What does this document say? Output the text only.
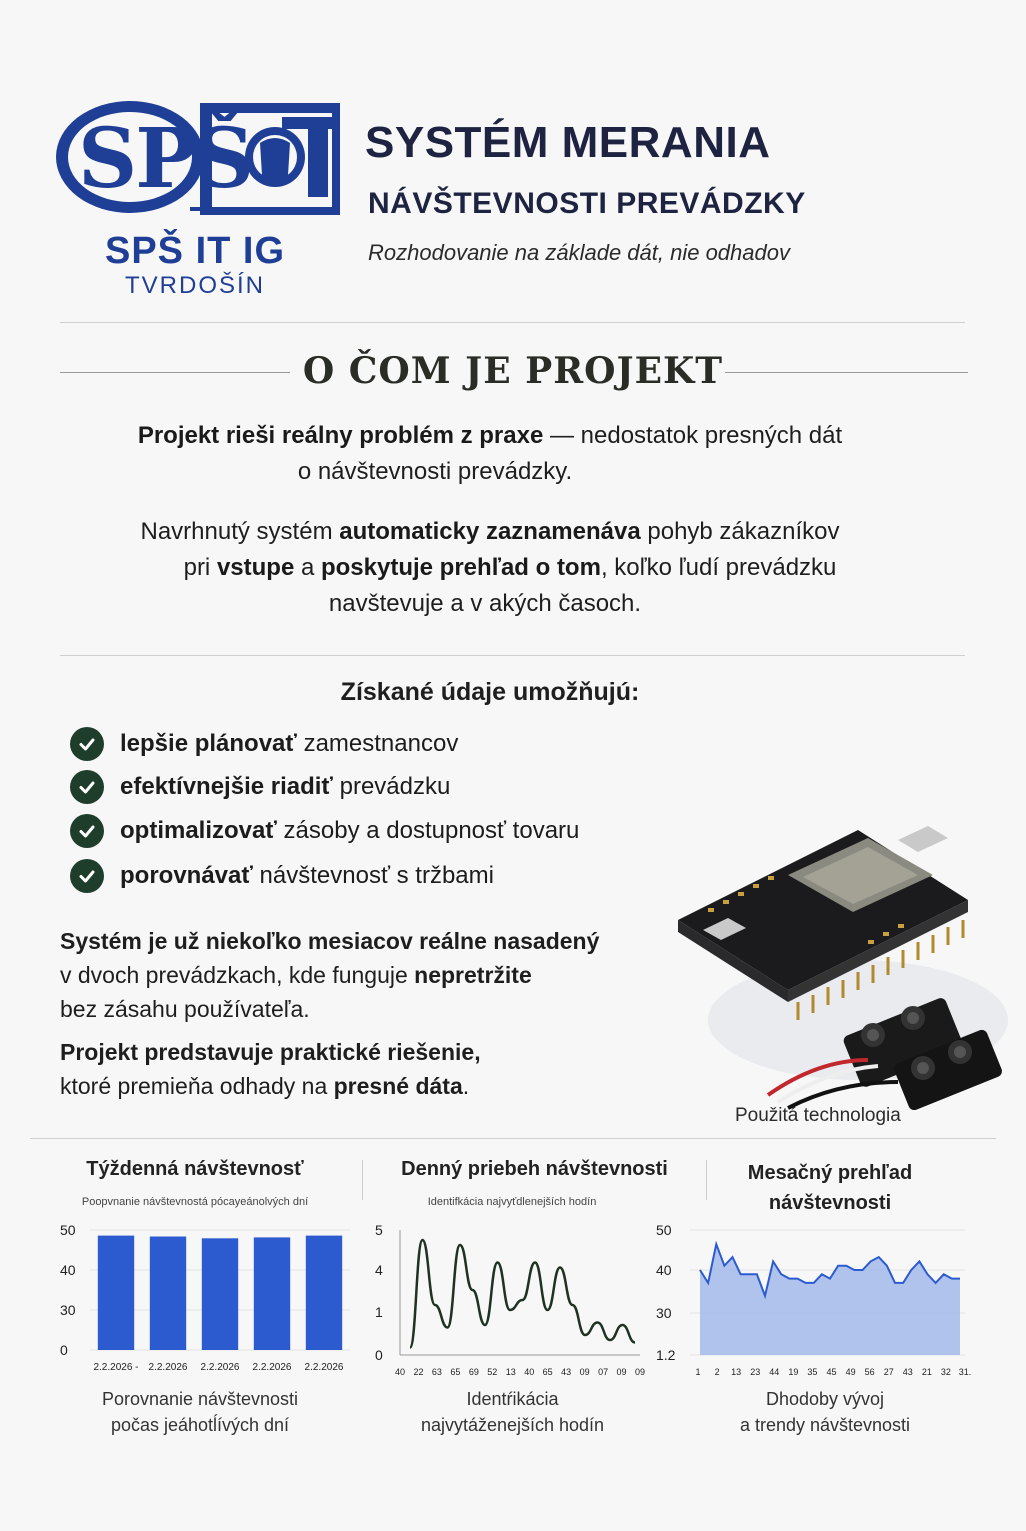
SPŠ
SPŠ IT IG
TVRDOŠÍN
SYSTÉM MERANIA
NÁVŠTEVNOSTI PREVÁDZKY
Rozhodovanie na základe dát, nie odhadov
O ČOM JE PROJEKT
Projekt rieši reálny problém z praxe — nedostatok presných dát
o návštevnosti prevádzky.
Navrhnutý systém automaticky zaznamenáva pohyb zákazníkov
pri vstupe a poskytuje prehľad o tom, koľko ľudí prevádzku
navštevuje a v akých časoch.
Získané údaje umožňujú:
lepšie plánovať zamestnancov
efektívnejšie riadiť prevádzku
optimalizovať zásoby a dostupnosť tovaru
porovnávať návštevnosť s tržbami
Systém je už niekoľko mesiacov reálne nasadený
v dvoch prevádzkach, kde funguje nepretržite
bez zásahu používateľa.
Projekt predstavuje praktické riešenie,
ktoré premieňa odhady na presné dáta.
Použitá technologia
Týždenná návštevnosť
Poopvnanie návštevnostá pócayeánolvých dní
50
40
30
0
2.2.2026 - 2.2.2026 2.2.2026 2.2.2026 2.2.2026
Porovnanie návštevnosti
počas jeáhotĺívých dní
Denný priebeh návštevnosti
Identifkácia najvyťdlenejších hodín
5
4
1
0
40 22 63 65 69 52 13 40 65 43 09 07 09 09
Identŕikácia
najvytáženejších hodín
Mesačný prehľad
návštevnosti
50
40
30
1.2
1 2 13 23 44 19 35 45 49 56 27 43 21 32 31.
Dhodoby vývoj
a trendy návštevnosti
